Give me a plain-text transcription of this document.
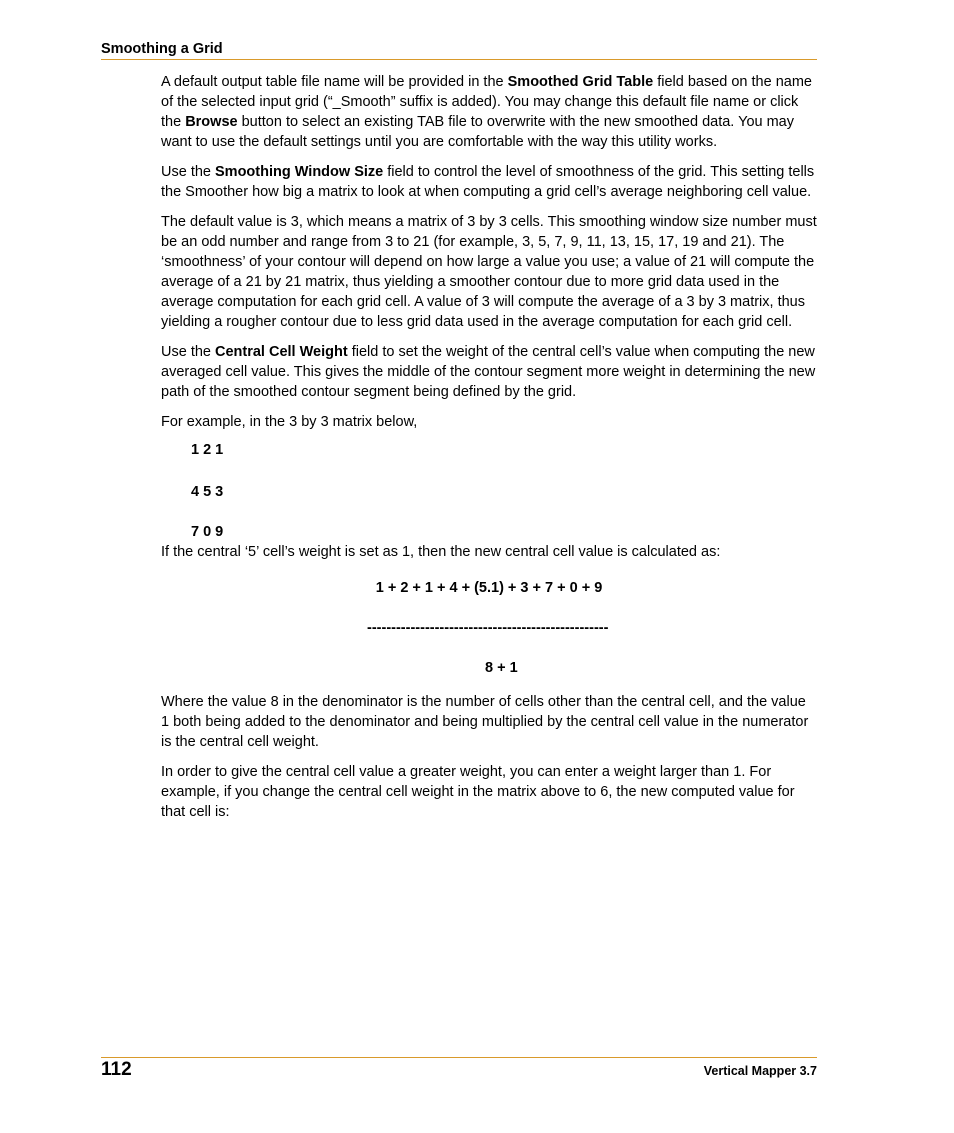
Smoothing a Grid

A default output table file name will be provided in the Smoothed Grid Table field based on the name of the selected input grid (“_Smooth” suffix is added). You may change this default file name or click the Browse button to select an existing TAB file to overwrite with the new smoothed data. You may want to use the default settings until you are comfortable with the way this utility works.

Use the Smoothing Window Size field to control the level of smoothness of the grid. This setting tells the Smoother how big a matrix to look at when computing a grid cell’s average neighboring cell value.

The default value is 3, which means a matrix of 3 by 3 cells. This smoothing window size number must be an odd number and range from 3 to 21 (for example, 3, 5, 7, 9, 11, 13, 15, 17, 19 and 21). The ‘smoothness’ of your contour will depend on how large a value you use; a value of 21 will compute the average of a 21 by 21 matrix, thus yielding a smoother contour due to more grid data used in the average computation for each grid cell. A value of 3 will compute the average of a 3 by 3 matrix, thus yielding a rougher contour due to less grid data used in the average computation for each grid cell.

Use the Central Cell Weight field to set the weight of the central cell’s value when computing the new averaged cell value. This gives the middle of the contour segment more weight in determining the new path of the smoothed contour segment being defined by the grid.

For example, in the 3 by 3 matrix below,

1 2 1
4 5 3
7 0 9

If the central ‘5’ cell’s weight is set as 1, then the new central cell value is calculated as:

1 + 2 + 1 + 4 + (5.1) + 3 + 7 + 0 + 9
--------------------------------------------------
8 + 1

Where the value 8 in the denominator is the number of cells other than the central cell, and the value 1 both being added to the denominator and being multiplied by the central cell value in the numerator is the central cell weight.

In order to give the central cell value a greater weight, you can enter a weight larger than 1. For example, if you change the central cell weight in the matrix above to 6, the new computed value for that cell is:

112	Vertical Mapper 3.7
